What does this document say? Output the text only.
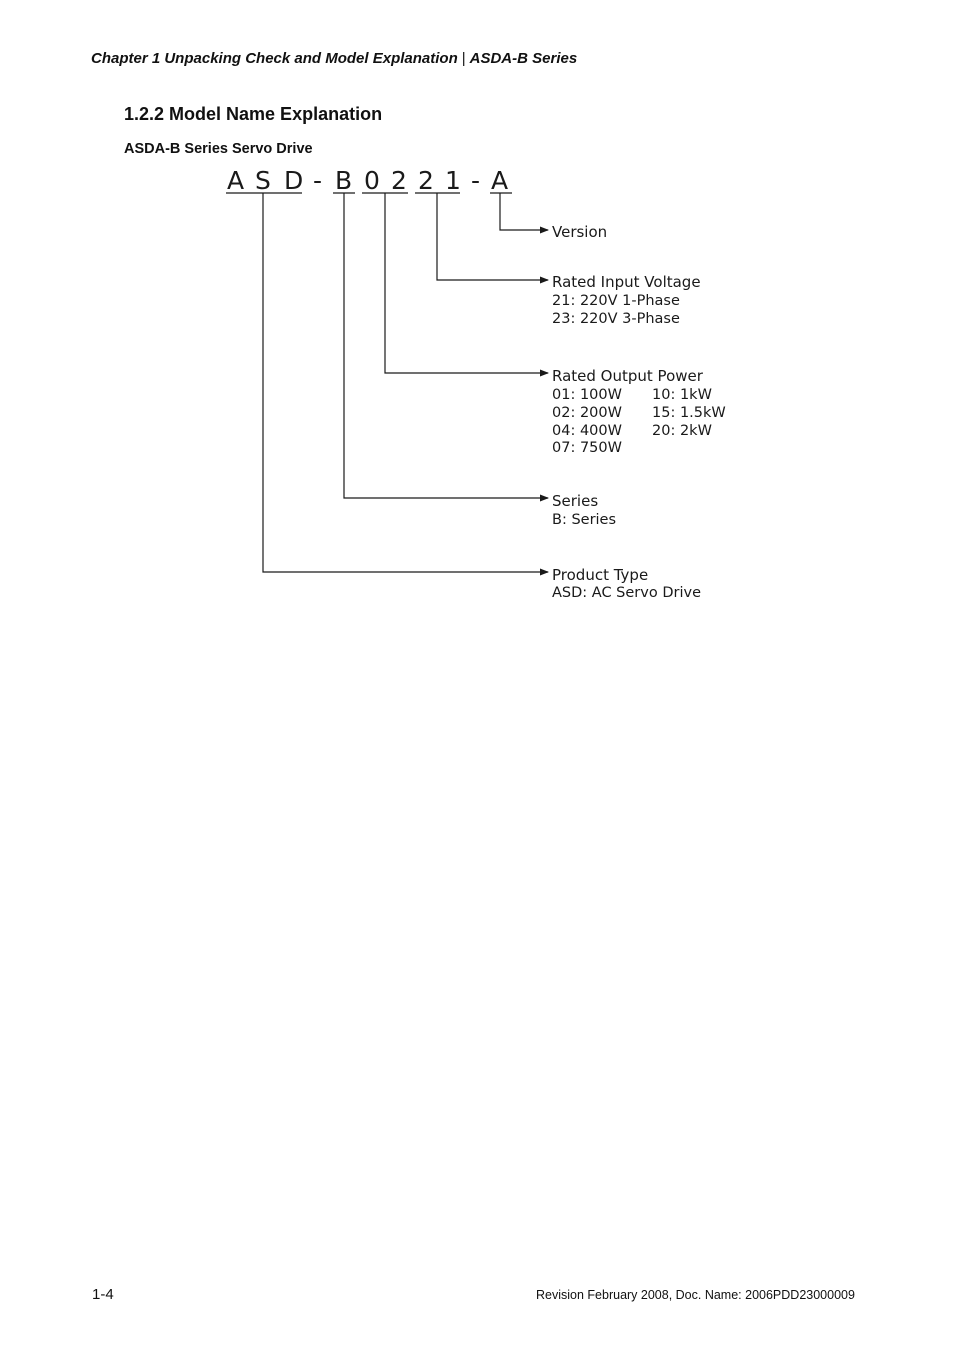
Chapter 1 Unpacking Check and Model Explanation | ASDA-B Series
1.2.2 Model Name Explanation
ASDA-B Series Servo Drive
A S D - B 0 2 2 1 - A
Version
Rated Input Voltage
21: 220V 1-Phase
23: 220V 3-Phase
Rated Output Power
01: 100W
02: 200W
04: 400W
07: 750W
10: 1kW
15: 1.5kW
20: 2kW
Series
B: Series
Product Type
ASD: AC Servo Drive
1-4	Revision February 2008, Doc. Name: 2006PDD23000009
